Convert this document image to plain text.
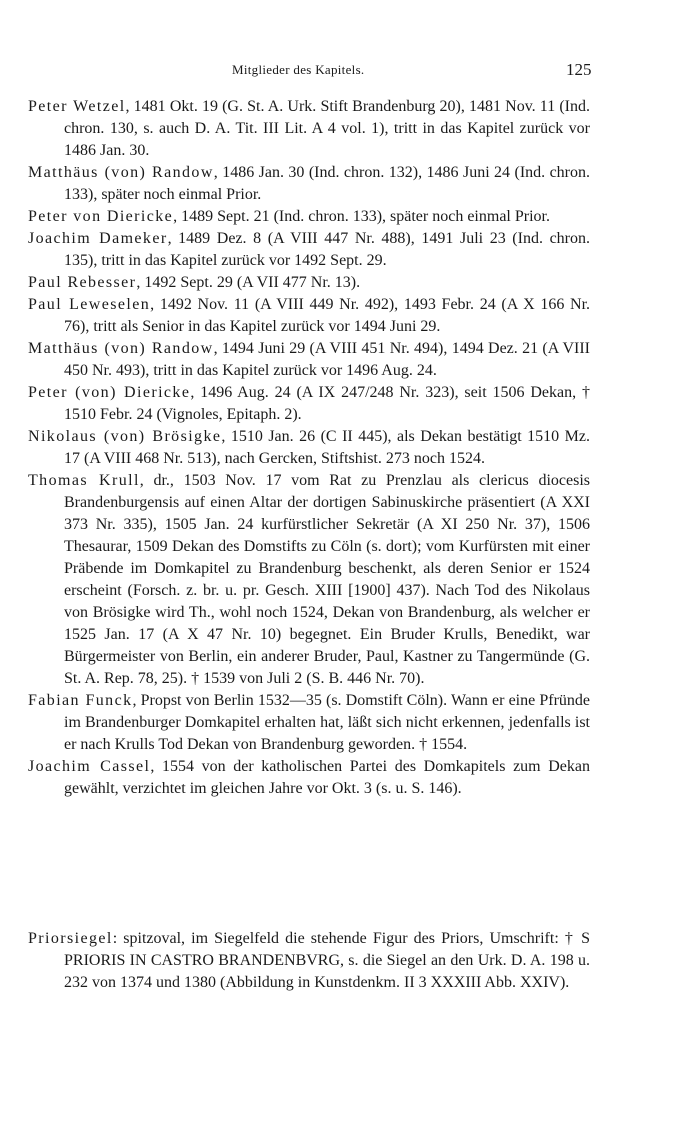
Mitglieder des Kapitels.	125

Peter Wetzel, 1481 Okt. 19 (G. St. A. Urk. Stift Brandenburg 20), 1481 Nov. 11 (Ind. chron. 130, s. auch D. A. Tit. III Lit. A 4 vol. 1), tritt in das Kapitel zurück vor 1486 Jan. 30.

Matthäus (von) Randow, 1486 Jan. 30 (Ind. chron. 132), 1486 Juni 24 (Ind. chron. 133), später noch einmal Prior.

Peter von Diericke, 1489 Sept. 21 (Ind. chron. 133), später noch einmal Prior.

Joachim Dameker, 1489 Dez. 8 (A VIII 447 Nr. 488), 1491 Juli 23 (Ind. chron. 135), tritt in das Kapitel zurück vor 1492 Sept. 29.

Paul Rebesser, 1492 Sept. 29 (A VII 477 Nr. 13).

Paul Leweselen, 1492 Nov. 11 (A VIII 449 Nr. 492), 1493 Febr. 24 (A X 166 Nr. 76), tritt als Senior in das Kapitel zurück vor 1494 Juni 29.

Matthäus (von) Randow, 1494 Juni 29 (A VIII 451 Nr. 494), 1494 Dez. 21 (A VIII 450 Nr. 493), tritt in das Kapitel zurück vor 1496 Aug. 24.

Peter (von) Diericke, 1496 Aug. 24 (A IX 247/248 Nr. 323), seit 1506 Dekan, † 1510 Febr. 24 (Vignoles, Epitaph. 2).

Nikolaus (von) Brösigke, 1510 Jan. 26 (C II 445), als Dekan bestätigt 1510 Mz. 17 (A VIII 468 Nr. 513), nach Gercken, Stiftshist. 273 noch 1524.

Thomas Krull, dr., 1503 Nov. 17 vom Rat zu Prenzlau als clericus diocesis Brandenburgensis auf einen Altar der dortigen Sabinuskirche präsentiert (A XXI 373 Nr. 335), 1505 Jan. 24 kurfürstlicher Sekretär (A XI 250 Nr. 37), 1506 Thesaurar, 1509 Dekan des Domstifts zu Cöln (s. dort); vom Kurfürsten mit einer Präbende im Domkapitel zu Brandenburg beschenkt, als deren Senior er 1524 erscheint (Forsch. z. br. u. pr. Gesch. XIII [1900] 437). Nach Tod des Nikolaus von Brösigke wird Th., wohl noch 1524, Dekan von Brandenburg, als welcher er 1525 Jan. 17 (A X 47 Nr. 10) begegnet. Ein Bruder Krulls, Benedikt, war Bürgermeister von Berlin, ein anderer Bruder, Paul, Kastner zu Tangermünde (G. St. A. Rep. 78, 25). † 1539 von Juli 2 (S. B. 446 Nr. 70).

Fabian Funck, Propst von Berlin 1532—35 (s. Domstift Cöln). Wann er eine Pfründe im Brandenburger Domkapitel erhalten hat, läßt sich nicht erkennen, jedenfalls ist er nach Krulls Tod Dekan von Brandenburg geworden. † 1554.

Joachim Cassel, 1554 von der katholischen Partei des Domkapitels zum Dekan gewählt, verzichtet im gleichen Jahre vor Okt. 3 (s. u. S. 146).

Priorsiegel: spitzoval, im Siegelfeld die stehende Figur des Priors, Umschrift: † S PRIORIS IN CASTRO BRANDENBVRG, s. die Siegel an den Urk. D. A. 198 u. 232 von 1374 und 1380 (Abbildung in Kunstdenkm. II 3 XXXIII Abb. XXIV).
